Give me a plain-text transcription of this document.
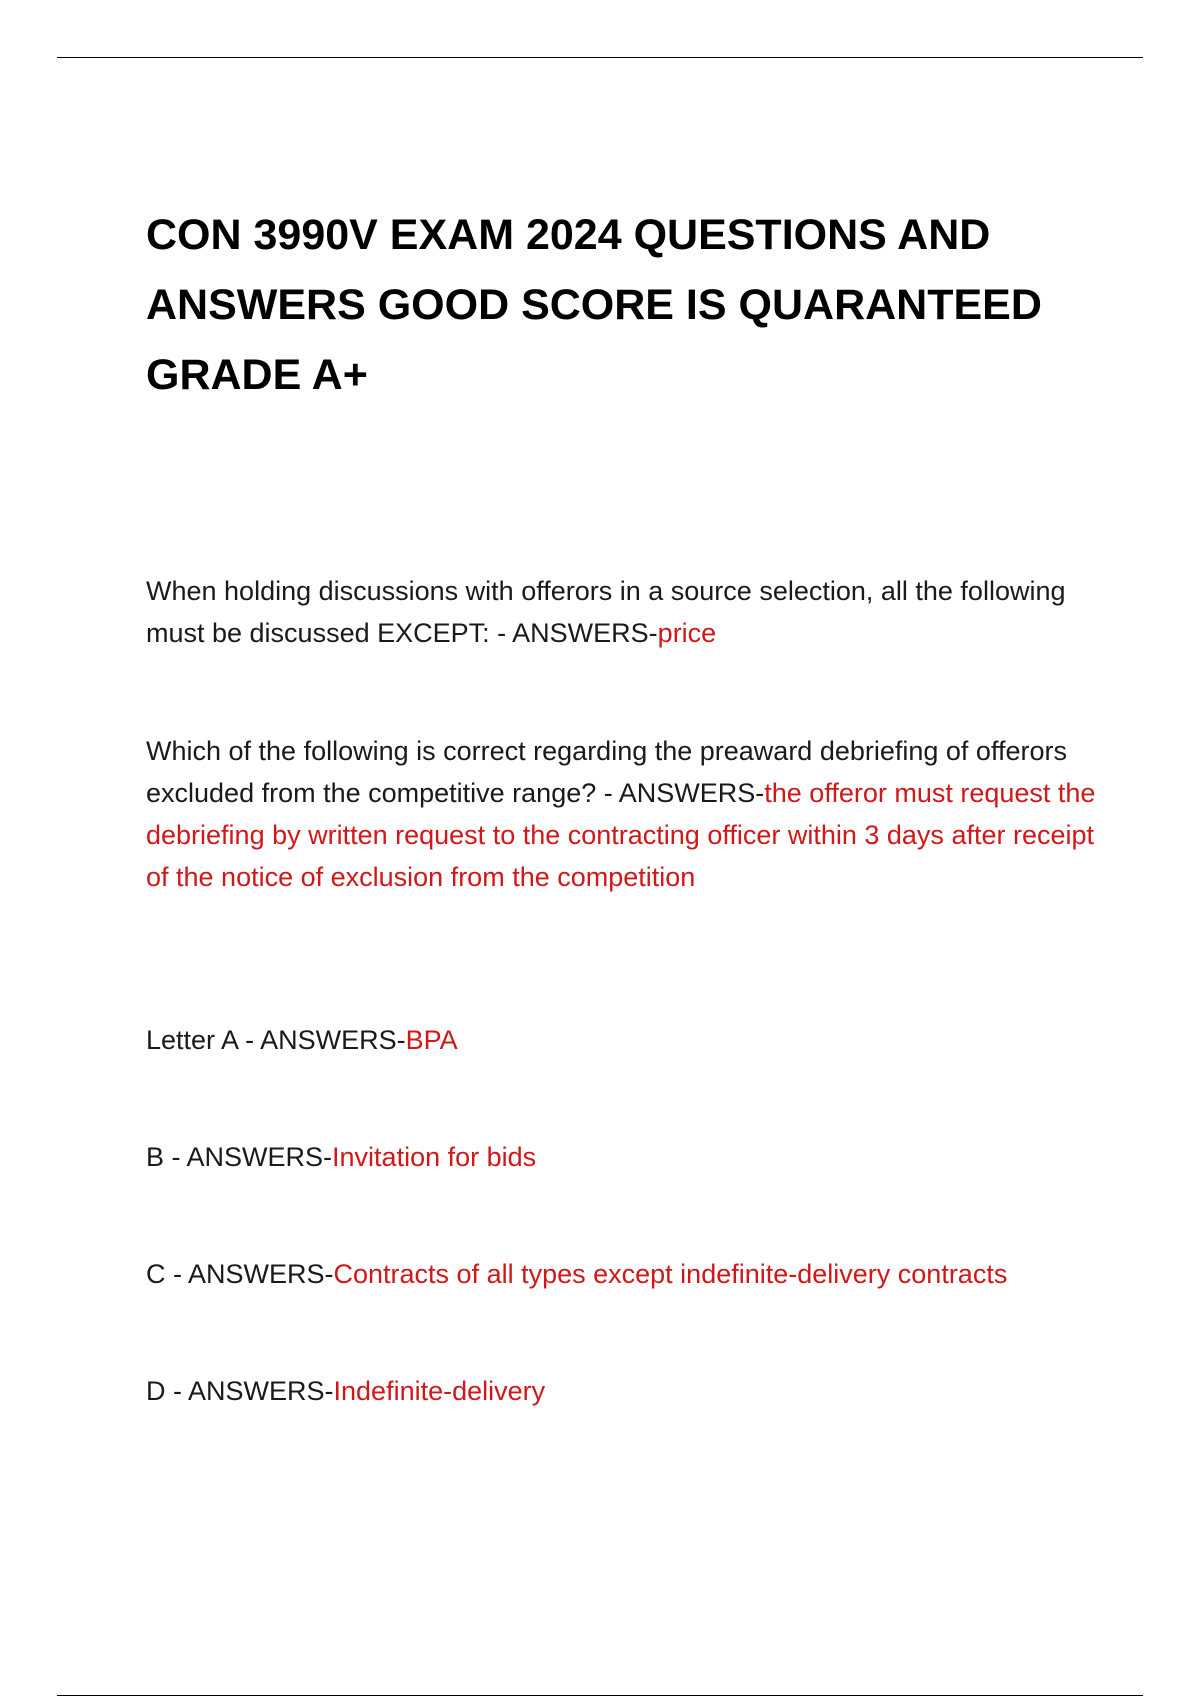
CON 3990V EXAM 2024 QUESTIONS AND ANSWERS GOOD SCORE IS QUARANTEED GRADE A+

When holding discussions with offerors in a source selection, all the following must be discussed EXCEPT: - ANSWERS-price

Which of the following is correct regarding the preaward debriefing of offerors excluded from the competitive range? - ANSWERS-the offeror must request the debriefing by written request to the contracting officer within 3 days after receipt of the notice of exclusion from the competition

Letter A - ANSWERS-BPA

B - ANSWERS-Invitation for bids

C - ANSWERS-Contracts of all types except indefinite-delivery contracts

D - ANSWERS-Indefinite-delivery
